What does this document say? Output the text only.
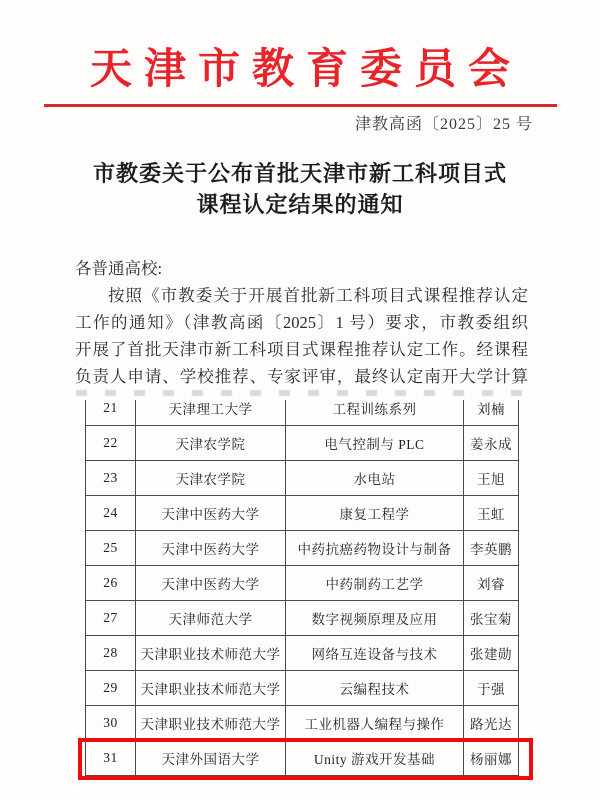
天津市教育委员会
津教高函〔2025〕25 号
市教委关于公布首批天津市新工科项目式
课程认定结果的通知
各普通高校:
按照《市教委关于开展首批新工科项目式课程推荐认定
工作的通知》（津教高函〔2025〕1 号）要求，市教委组织
开展了首批天津市新工科项目式课程推荐认定工作。经课程
负责人申请、学校推荐、专家评审，最终认定南开大学计算
21	天津理工大学	工程训练系列	刘楠
22	天津农学院	电气控制与 PLC	姜永成
23	天津农学院	水电站	王旭
24	天津中医药大学	康复工程学	王虹
25	天津中医药大学	中药抗癌药物设计与制备	李英鹏
26	天津中医药大学	中药制药工艺学	刘睿
27	天津师范大学	数字视频原理及应用	张宝菊
28	天津职业技术师范大学	网络互连设备与技术	张建勋
29	天津职业技术师范大学	云编程技术	于强
30	天津职业技术师范大学	工业机器人编程与操作	路光达
31	天津外国语大学	Unity 游戏开发基础	杨丽娜
